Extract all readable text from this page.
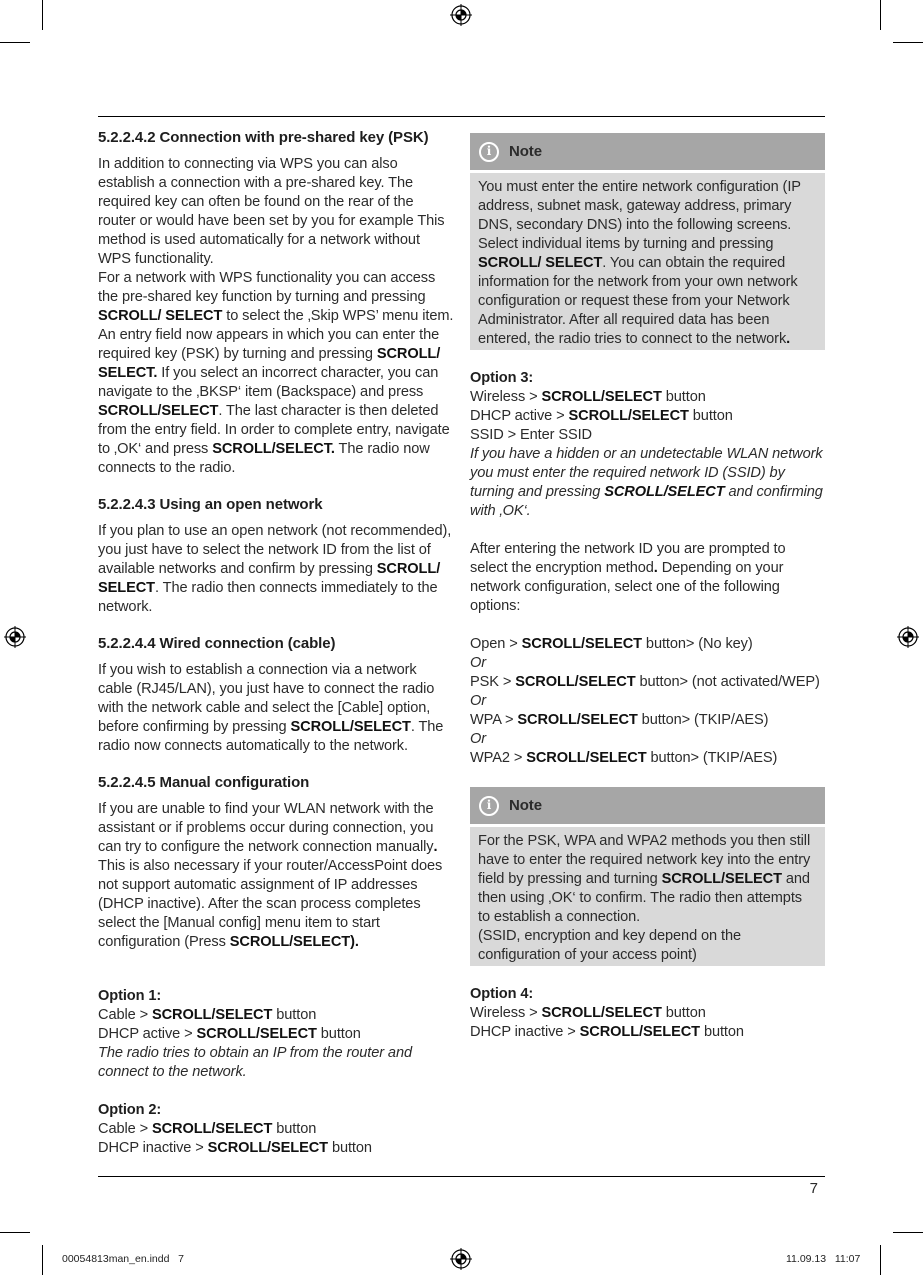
5.2.2.4.2 Connection with pre-shared key (PSK)

In addition to connecting via WPS you can also establish a connection with a pre-shared key. The required key can often be found on the rear of the router or would have been set by you for example This method is used automatically for a network without WPS functionality.

For a network with WPS functionality you can access the pre-shared key function by turning and pressing SCROLL/ SELECT to select the ‚Skip WPS’ menu item.

An entry field now appears in which you can enter the required key (PSK) by turning and pressing SCROLL/ SELECT. If you select an incorrect character, you can navigate to the ‚BKSP‘ item (Backspace) and press SCROLL/SELECT. The last character is then deleted from the entry field. In order to complete entry, navigate to ‚OK‘ and press SCROLL/SELECT. The radio now connects to the radio.

5.2.2.4.3 Using an open network

If you plan to use an open network (not recommended), you just have to select the network ID from the list of available networks and confirm by pressing SCROLL/ SELECT. The radio then connects immediately to the network.

5.2.2.4.4 Wired connection (cable)

If you wish to establish a connection via a network cable (RJ45/LAN), you just have to connect the radio with the network cable and select the [Cable] option, before confirming by pressing SCROLL/SELECT. The radio now connects automatically to the network.

5.2.2.4.5 Manual configuration

If you are unable to find your WLAN network with the assistant or if problems occur during connection, you can try to configure the network connection manually. This is also necessary if your router/AccessPoint does not support automatic assignment of IP addresses (DHCP inactive). After the scan process completes select the [Manual config] menu item to start configuration (Press SCROLL/SELECT).

Option 1:

Cable > SCROLL/SELECT button

DHCP active > SCROLL/SELECT button

The radio tries to obtain an IP from the router and connect to the network.

Option 2:

Cable > SCROLL/SELECT button

DHCP inactive > SCROLL/SELECT button

i	Note

You must enter the entire network configuration (IP address, subnet mask, gateway address, primary DNS, secondary DNS) into the following screens.

Select individual items by turning and pressing SCROLL/ SELECT. You can obtain the required information for the network from your own network configuration or request these from your Network Administrator. After all required data has been entered, the radio tries to connect to the network.

Option 3:

Wireless > SCROLL/SELECT button

DHCP active > SCROLL/SELECT button

SSID > Enter SSID

If you have a hidden or an undetectable WLAN network you must enter the required network ID (SSID) by turning and pressing SCROLL/SELECT and confirming with ‚OK‘.

After entering the network ID you are prompted to select the encryption method. Depending on your network configuration, select one of the following options:

Open > SCROLL/SELECT button> (No key)

Or

PSK > SCROLL/SELECT button> (not activated/WEP)

Or

WPA > SCROLL/SELECT button> (TKIP/AES)

Or

WPA2 > SCROLL/SELECT button> (TKIP/AES)

i	Note

For the PSK, WPA and WPA2 methods you then still have to enter the required network key into the entry field by pressing and turning SCROLL/SELECT and then using ‚OK‘ to confirm. The radio then attempts to establish a connection.

(SSID, encryption and key depend on the configuration of your access point)

Option 4:

Wireless > SCROLL/SELECT button

DHCP inactive > SCROLL/SELECT button

7
00054813man_en.indd   7	11.09.13   11:07
